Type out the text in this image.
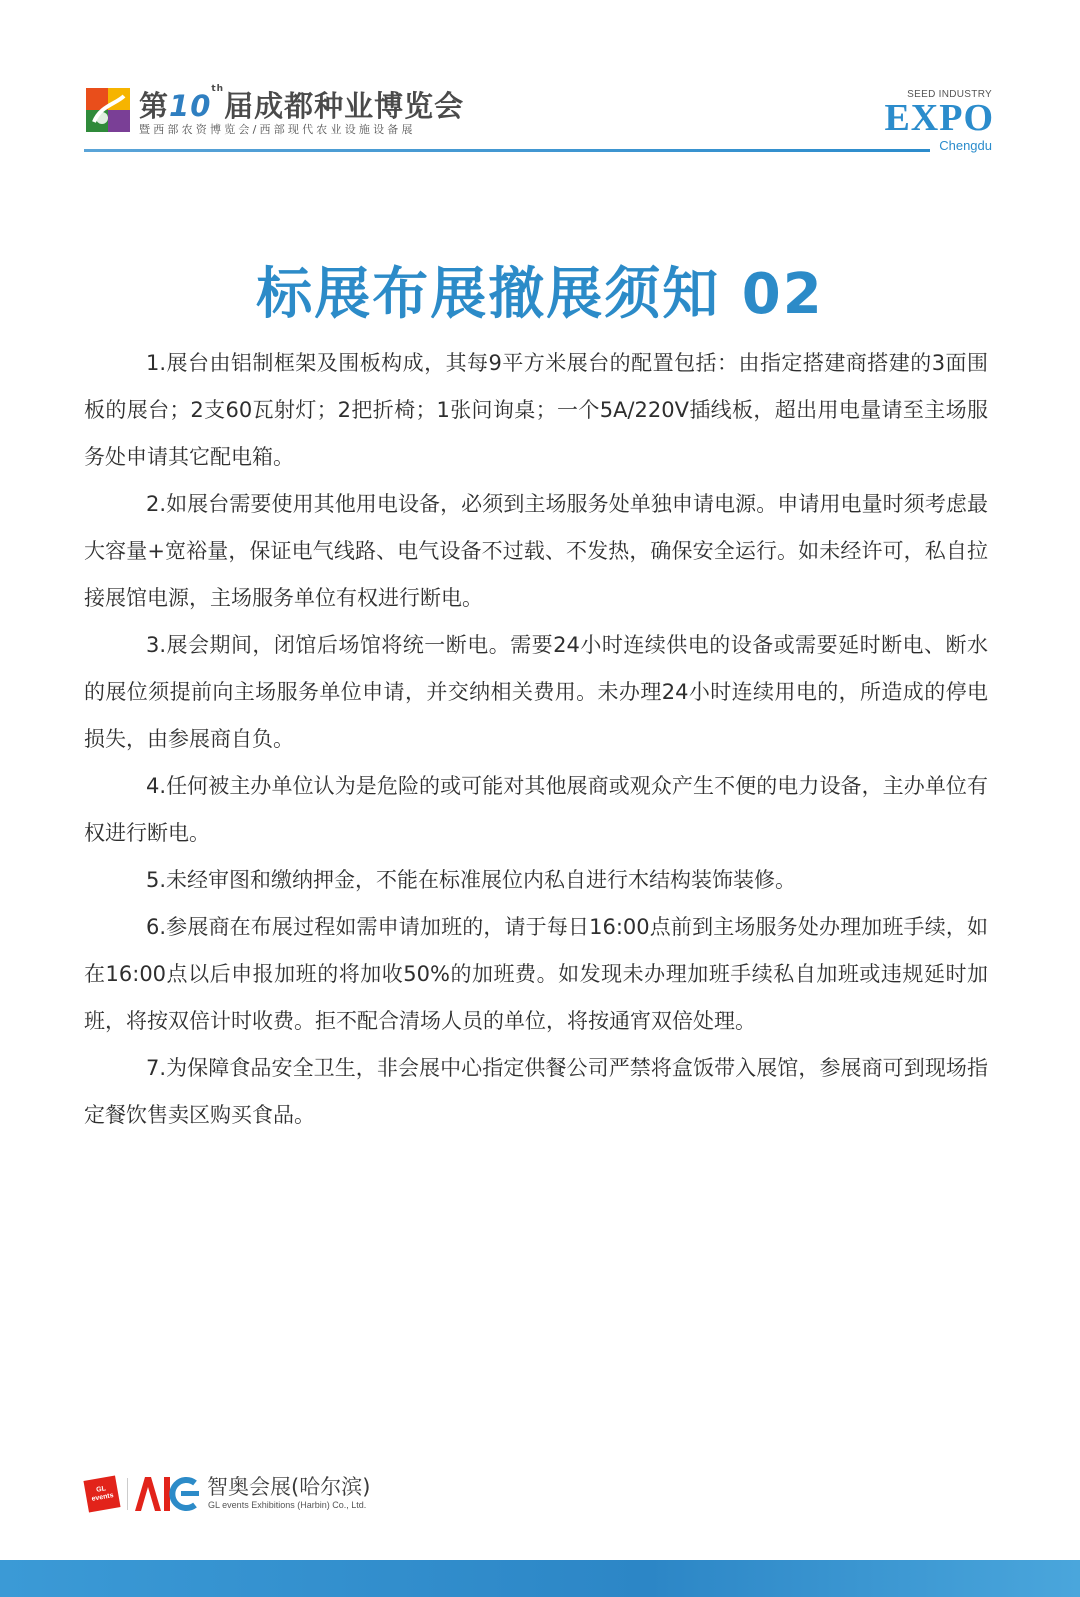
第10th届成都种业博览会
暨西部农资博览会/西部现代农业设施设备展
SEED INDUSTRY
EXPO
Chengdu
标展布展撤展须知 02

1.展台由铝制框架及围板构成，其每9平方米展台的配置包括：由指定搭建商搭建的3面围板的展台；2支60瓦射灯；2把折椅；1张问询桌；一个5A/220V插线板，超出用电量请至主场服务处申请其它配电箱。

2.如展台需要使用其他用电设备，必须到主场服务处单独申请电源。申请用电量时须考虑最大容量+宽裕量，保证电气线路、电气设备不过载、不发热，确保安全运行。如未经许可，私自拉接展馆电源，主场服务单位有权进行断电。

3.展会期间，闭馆后场馆将统一断电。需要24小时连续供电的设备或需要延时断电、断水的展位须提前向主场服务单位申请，并交纳相关费用。未办理24小时连续用电的，所造成的停电损失，由参展商自负。

4.任何被主办单位认为是危险的或可能对其他展商或观众产生不便的电力设备，主办单位有权进行断电。

5.未经审图和缴纳押金，不能在标准展位内私自进行木结构装饰装修。

6.参展商在布展过程如需申请加班的，请于每日16:00点前到主场服务处办理加班手续，如在16:00点以后申报加班的将加收50%的加班费。如发现未办理加班手续私自加班或违规延时加班，将按双倍计时收费。拒不配合清场人员的单位，将按通宵双倍处理。

7.为保障食品安全卫生，非会展中心指定供餐公司严禁将盒饭带入展馆，参展商可到现场指定餐饮售卖区购买食品。

GL events	智奥会展(哈尔滨)
GL events Exhibitions (Harbin) Co., Ltd.
